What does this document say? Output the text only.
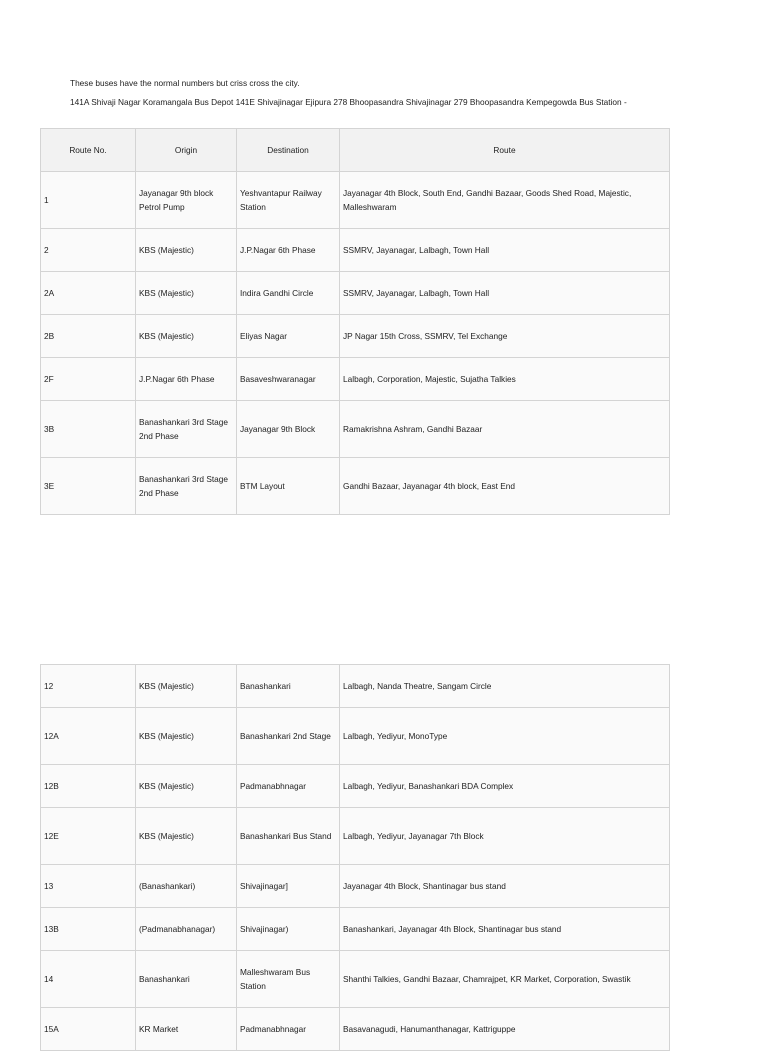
These buses have the normal numbers but criss cross the city.
141A Shivaji Nagar Koramangala Bus Depot 141E Shivajinagar Ejipura 278 Bhoopasandra Shivajinagar 279 Bhoopasandra Kempegowda Bus Station -
Route No.	Origin	Destination	Route
1	Jayanagar 9th block Petrol Pump	Yeshvantapur Railway Station	Jayanagar 4th Block, South End, Gandhi Bazaar, Goods Shed Road, Majestic, Malleshwaram
2	KBS (Majestic)	J.P.Nagar 6th Phase	SSMRV, Jayanagar, Lalbagh, Town Hall
2A	KBS (Majestic)	Indira Gandhi Circle	SSMRV, Jayanagar, Lalbagh, Town Hall
2B	KBS (Majestic)	Eliyas Nagar	JP Nagar 15th Cross, SSMRV, Tel Exchange
2F	J.P.Nagar 6th Phase	Basaveshwaranagar	Lalbagh, Corporation, Majestic, Sujatha Talkies
3B	Banashankari 3rd Stage 2nd Phase	Jayanagar 9th Block	Ramakrishna Ashram, Gandhi Bazaar
3E	Banashankari 3rd Stage 2nd Phase	BTM Layout	Gandhi Bazaar, Jayanagar 4th block, East End
12	KBS (Majestic)	Banashankari	Lalbagh, Nanda Theatre, Sangam Circle
12A	KBS (Majestic)	Banashankari 2nd Stage	Lalbagh, Yediyur, MonoType
12B	KBS (Majestic)	Padmanabhnagar	Lalbagh, Yediyur, Banashankari BDA Complex
12E	KBS (Majestic)	Banashankari Bus Stand	Lalbagh, Yediyur, Jayanagar 7th Block
13	(Banashankari)	Shivajinagar]	Jayanagar 4th Block, Shantinagar bus stand
13B	(Padmanabhanagar)	Shivajinagar)	Banashankari, Jayanagar 4th Block, Shantinagar bus stand
14	Banashankari	Malleshwaram Bus Station	Shanthi Talkies, Gandhi Bazaar, Chamrajpet, KR Market, Corporation, Swastik
15A	KR Market	Padmanabhnagar	Basavanagudi, Hanumanthanagar, Kattriguppe
